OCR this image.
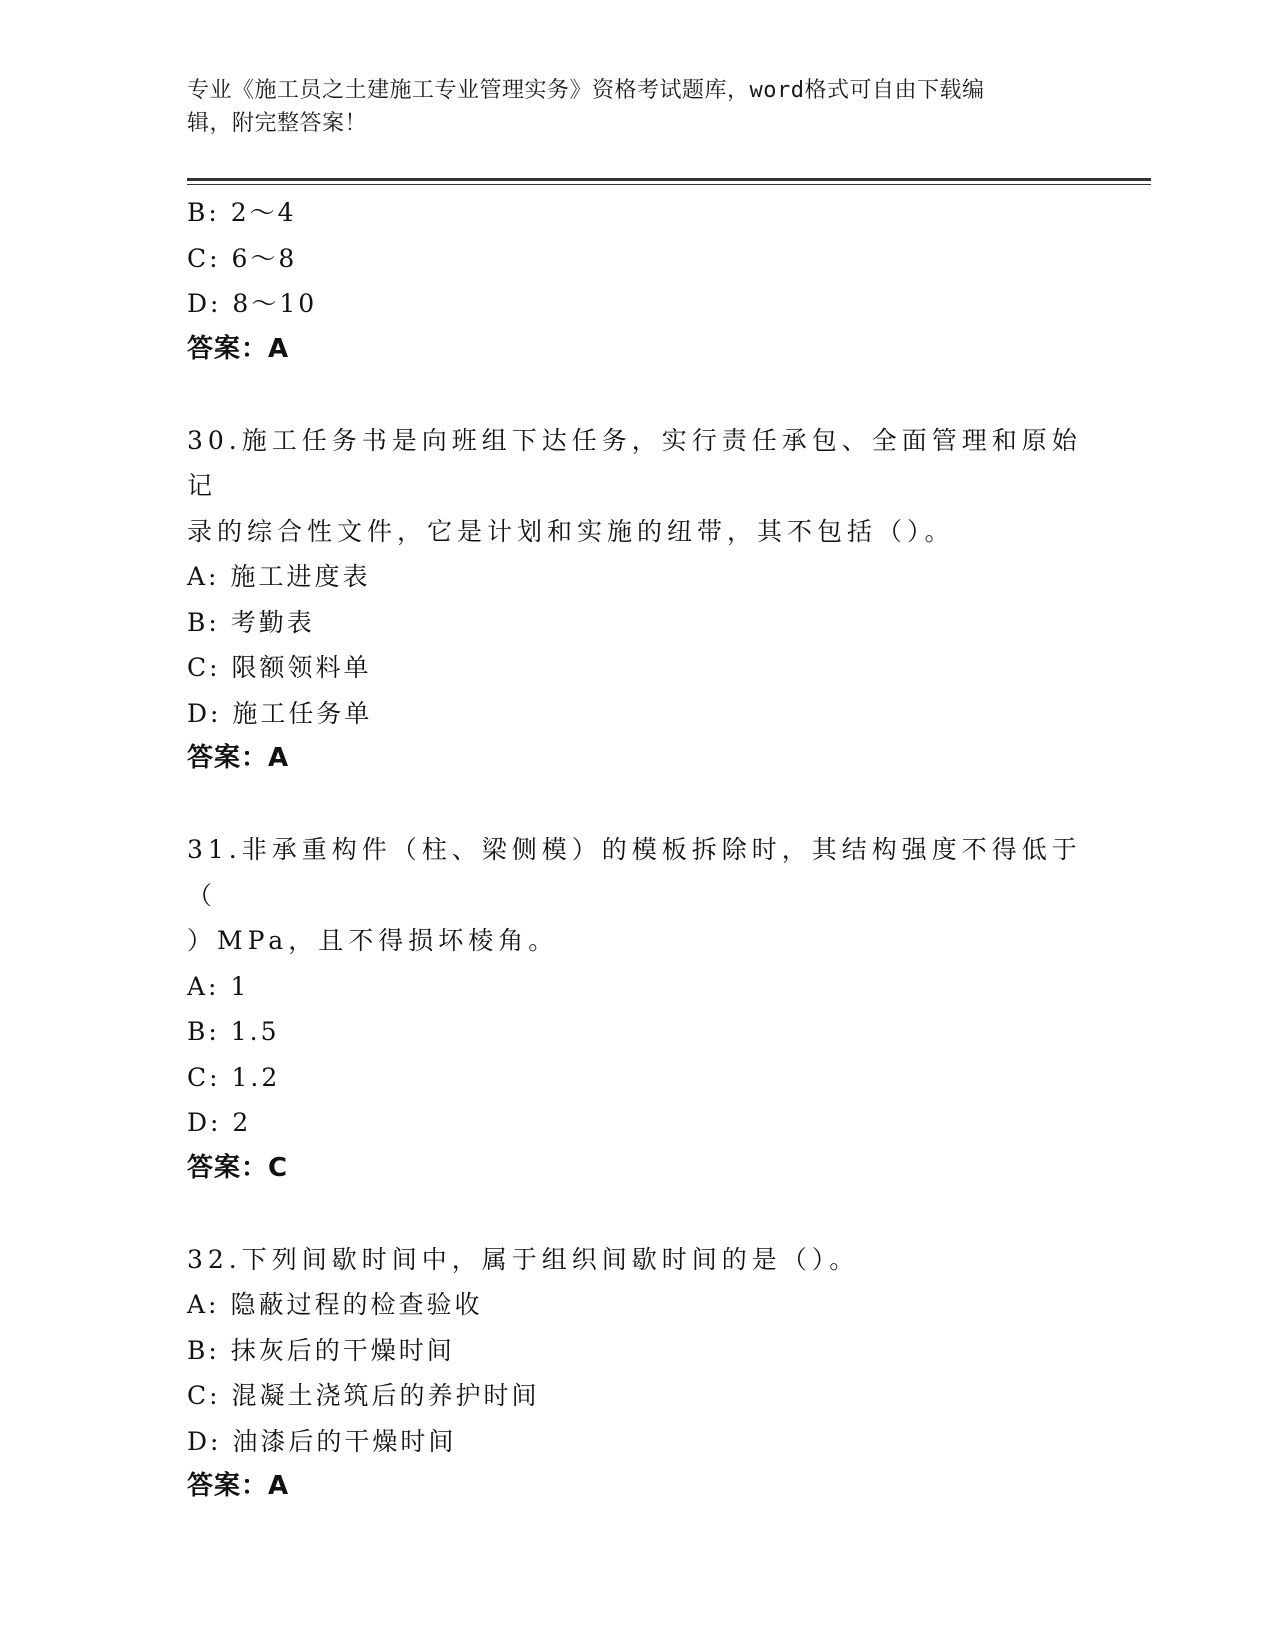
专业《施工员之土建施工专业管理实务》资格考试题库，word格式可自由下载编
辑，附完整答案！
B: 2～4
C: 6～8
D: 8～10
答案：A
30.施工任务书是向班组下达任务，实行责任承包、全面管理和原始记
录的综合性文件，它是计划和实施的纽带，其不包括（）。
A: 施工进度表
B: 考勤表
C: 限额领料单
D: 施工任务单
答案：A
31.非承重构件（柱、梁侧模）的模板拆除时，其结构强度不得低于（
）MPa，且不得损坏棱角。
A: 1
B: 1.5
C: 1.2
D: 2
答案：C
32.下列间歇时间中，属于组织间歇时间的是（）。
A: 隐蔽过程的检查验收
B: 抹灰后的干燥时间
C: 混凝土浇筑后的养护时间
D: 油漆后的干燥时间
答案：A
